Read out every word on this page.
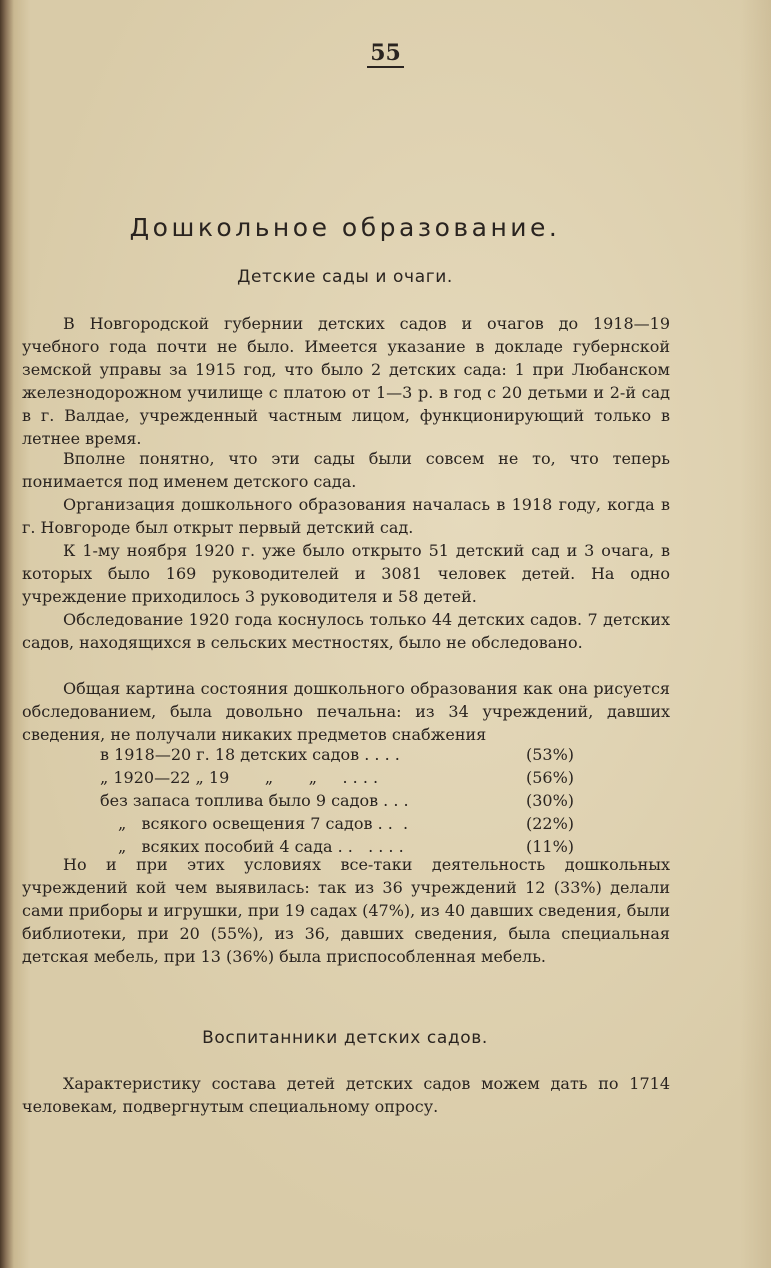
55
Дошкольное образование.
Детские сады и очаги.

В Новгородской губернии детских садов и очагов до 1918—19 учебного года почти не было. Имеется указание в докладе губернской земской управы за 1915 год, что было 2 детских сада: 1 при Любанском железнодорожном училище с платою от 1—3 р. в год с 20 детьми и 2-й сад в г. Валдае, учрежденный частным лицом, функционирующий только в летнее время.

Вполне понятно, что эти сады были совсем не то, что теперь понимается под именем детского сада.

Организация дошкольного образования началась в 1918 году, когда в г. Новгороде был открыт первый детский сад.

К 1-му ноября 1920 г. уже было открыто 51 детский сад и 3 очага, в которых было 169 руководителей и 3081 человек детей. На одно учреждение приходилось 3 руководителя и 58 детей.

Обследование 1920 года коснулось только 44 детских садов. 7 детских садов, находящихся в сельских местностях, было не обследовано.

Общая картина состояния дошкольного образования как она рисуется обследованием, была довольно печальна: из 34 учреждений, давших сведения, не получали никаких предметов снабжения

в 1918—20 г. 18 детских садов . . . .	(53%)
„ 1920—22 „ 19       „       „     . . . .	(56%)
без запаса топлива было 9 садов . . .	(30%)
„   всякого освещения 7 садов . .  .	(22%)
„   всяких пособий 4 сада . .   . . . .	(11%)

Но и при этих условиях все-таки деятельность дошкольных учреждений кой чем выявилась: так из 36 учреждений 12 (33%) делали сами приборы и игрушки, при 19 садах (47%), из 40 давших сведения, были библиотеки, при 20 (55%), из 36, давших сведения, была специальная детская мебель, при 13 (36%) была приспособленная мебель.

Воспитанники детских садов.

Характеристику состава детей детских садов можем дать по 1714 человекам, подвергнутым специальному опросу.
